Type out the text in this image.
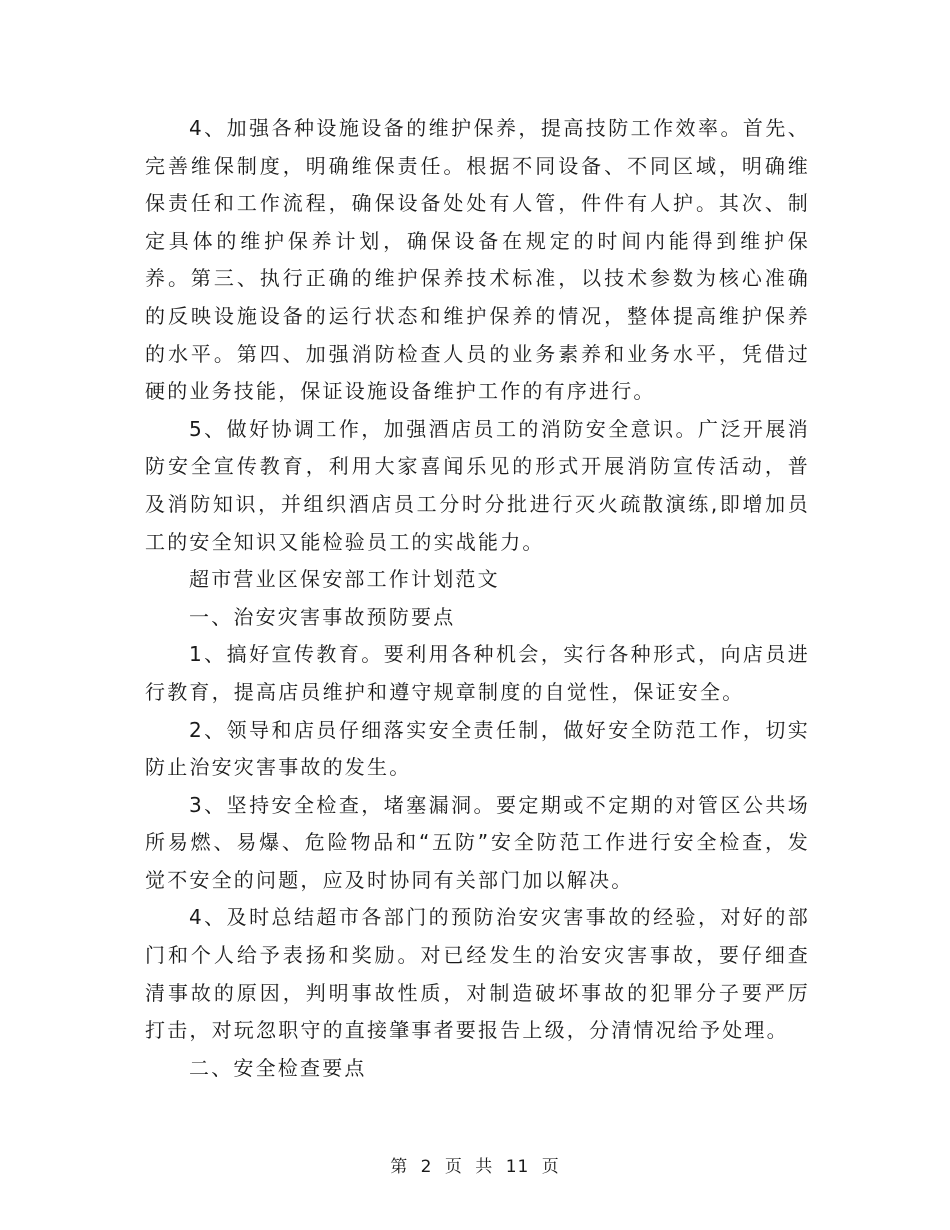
4、加强各种设施设备的维护保养，提高技防工作效率。首先、完善维保制度，明确维保责任。根据不同设备、不同区域，明确维保责任和工作流程，确保设备处处有人管，件件有人护。其次、制定具体的维护保养计划，确保设备在规定的时间内能得到维护保养。第三、执行正确的维护保养技术标准，以技术参数为核心准确的反映设施设备的运行状态和维护保养的情况，整体提高维护保养的水平。第四、加强消防检查人员的业务素养和业务水平，凭借过硬的业务技能，保证设施设备维护工作的有序进行。

5、做好协调工作，加强酒店员工的消防安全意识。广泛开展消防安全宣传教育，利用大家喜闻乐见的形式开展消防宣传活动，普及消防知识，并组织酒店员工分时分批进行灭火疏散演练,即增加员工的安全知识又能检验员工的实战能力。

超市营业区保安部工作计划范文

一、治安灾害事故预防要点

1、搞好宣传教育。要利用各种机会，实行各种形式，向店员进行教育，提高店员维护和遵守规章制度的自觉性，保证安全。

2、领导和店员仔细落实安全责任制，做好安全防范工作，切实防止治安灾害事故的发生。

3、坚持安全检查，堵塞漏洞。要定期或不定期的对管区公共场所易燃、易爆、危险物品和“五防”安全防范工作进行安全检查，发觉不安全的问题，应及时协同有关部门加以解决。

4、及时总结超市各部门的预防治安灾害事故的经验，对好的部门和个人给予表扬和奖励。对已经发生的治安灾害事故，要仔细查清事故的原因，判明事故性质，对制造破坏事故的犯罪分子要严厉打击，对玩忽职守的直接肇事者要报告上级，分清情况给予处理。

二、安全检查要点

第 2 页 共 11 页
